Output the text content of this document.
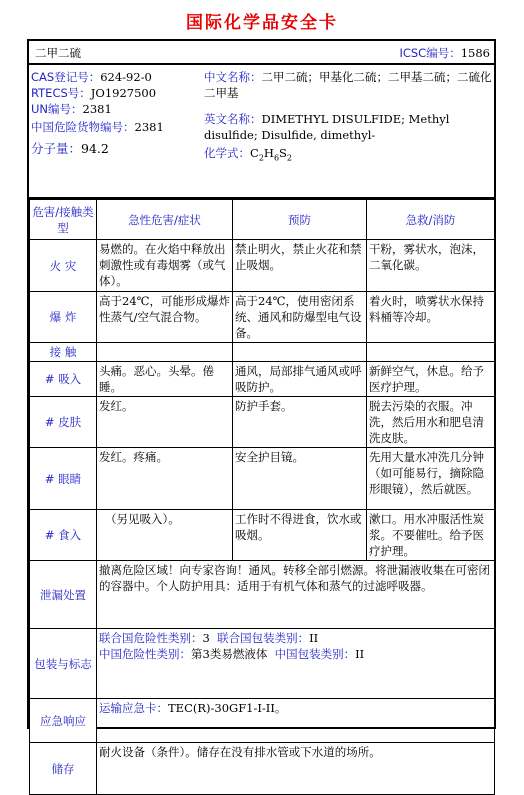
国际化学品安全卡
二甲二硫	ICSC编号：1586
CAS登记号：624-92-0
RTECS号：JO1927500
UN编号：2381
中国危险货物编号：2381
分子量：94.2
中文名称：二甲二硫；甲基化二硫；二甲基二硫；二硫化二甲基
英文名称：DIMETHYL DISULFIDE; Methyl disulfide; Disulfide, dimethyl-
化学式：$C_2H_6S_2$
危害/接触类型	急性危害/症状	预防	急救/消防
火 灾	易燃的。在火焰中释放出刺激性或有毒烟雾（或气体）。	禁止明火，禁止火花和禁止吸烟。	干粉，雾状水，泡沫，二氧化碳。
爆 炸	高于24℃，可能形成爆炸性蒸气/空气混合物。	高于24℃，使用密闭系统、通风和防爆型电气设备。	着火时，喷雾状水保持料桶等冷却。
接 触			
# 吸入	头痛。恶心。头晕。倦睡。	通风，局部排气通风或呼吸防护。	新鲜空气，休息。给予医疗护理。
# 皮肤	发红。	防护手套。	脱去污染的衣服。冲洗，然后用水和肥皂清洗皮肤。
# 眼睛	发红。疼痛。	安全护目镜。	先用大量水冲洗几分钟（如可能易行，摘除隐形眼镜），然后就医。
# 食入	（另见吸入）。	工作时不得进食，饮水或吸烟。	漱口。用水冲服活性炭浆。不要催吐。给予医疗护理。
泄漏处置	撤离危险区域！向专家咨询！通风。转移全部引燃源。将泄漏液收集在可密闭的容器中。个人防护用具：适用于有机气体和蒸气的过滤呼吸器。		
包装与标志	联合国危险性类别：3 联合国包装类别：II
中国危险性类别：第3类易燃液体 中国包装类别：II		

应急响应	运输应急卡：TEC(R)-30GF1-I-II。		
储存	耐火设备（条件）。储存在没有排水管或下水道的场所。		
